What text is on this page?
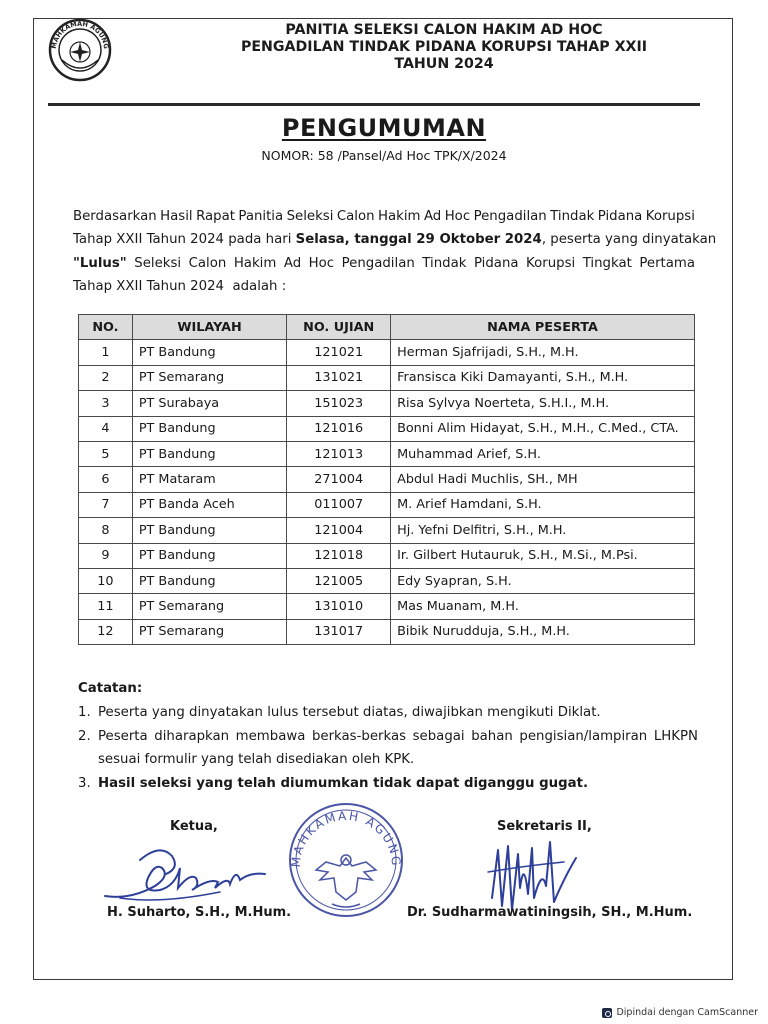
MAHKAMAH AGUNG
PANITIA SELEKSI CALON HAKIM AD HOC
PENGADILAN TINDAK PIDANA KORUPSI TAHAP XXII
TAHUN 2024
PENGUMUMAN
NOMOR: 58 /Pansel/Ad Hoc TPK/X/2024
Berdasarkan Hasil Rapat Panitia Seleksi Calon Hakim Ad Hoc Pengadilan Tindak Pidana Korupsi
Tahap XXII Tahun 2024 pada hari Selasa, tanggal 29 Oktober 2024 , peserta yang dinyatakan
"Lulus" Seleksi Calon Hakim Ad Hoc Pengadilan Tindak Pidana Korupsi Tingkat Pertama
Tahap XXII Tahun 2024  adalah :
NO.	WILAYAH	NO. UJIAN	NAMA PESERTA
1	PT Bandung	121021	Herman Sjafrijadi, S.H., M.H.
2	PT Semarang	131021	Fransisca Kiki Damayanti, S.H., M.H.
3	PT Surabaya	151023	Risa Sylvya Noerteta, S.H.I., M.H.
4	PT Bandung	121016	Bonni Alim Hidayat, S.H., M.H., C.Med., CTA.
5	PT Bandung	121013	Muhammad Arief, S.H.
6	PT Mataram	271004	Abdul Hadi Muchlis, SH., MH
7	PT Banda Aceh	011007	M. Arief Hamdani, S.H.
8	PT Bandung	121004	Hj. Yefni Delfitri, S.H., M.H.
9	PT Bandung	121018	Ir. Gilbert Hutauruk, S.H., M.Si., M.Psi.
10	PT Bandung	121005	Edy Syapran, S.H.
11	PT Semarang	131010	Mas Muanam, M.H.
12	PT Semarang	131017	Bibik Nurudduja, S.H., M.H.
Catatan:
1. Peserta yang dinyatakan lulus tersebut diatas, diwajibkan mengikuti Diklat.
2. Peserta diharapkan membawa berkas-berkas sebagai bahan pengisian/lampiran LHKPN
sesuai formulir yang telah disediakan oleh KPK.
3. Hasil seleksi yang telah diumumkan tidak dapat diganggu gugat.
Ketua,	Sekretaris II,
MAHKAMAH AGUNG
H. Suharto, S.H., M.Hum.	Dr. Sudharmawatiningsih, SH., M.Hum.
Dipindai dengan CamScanner
